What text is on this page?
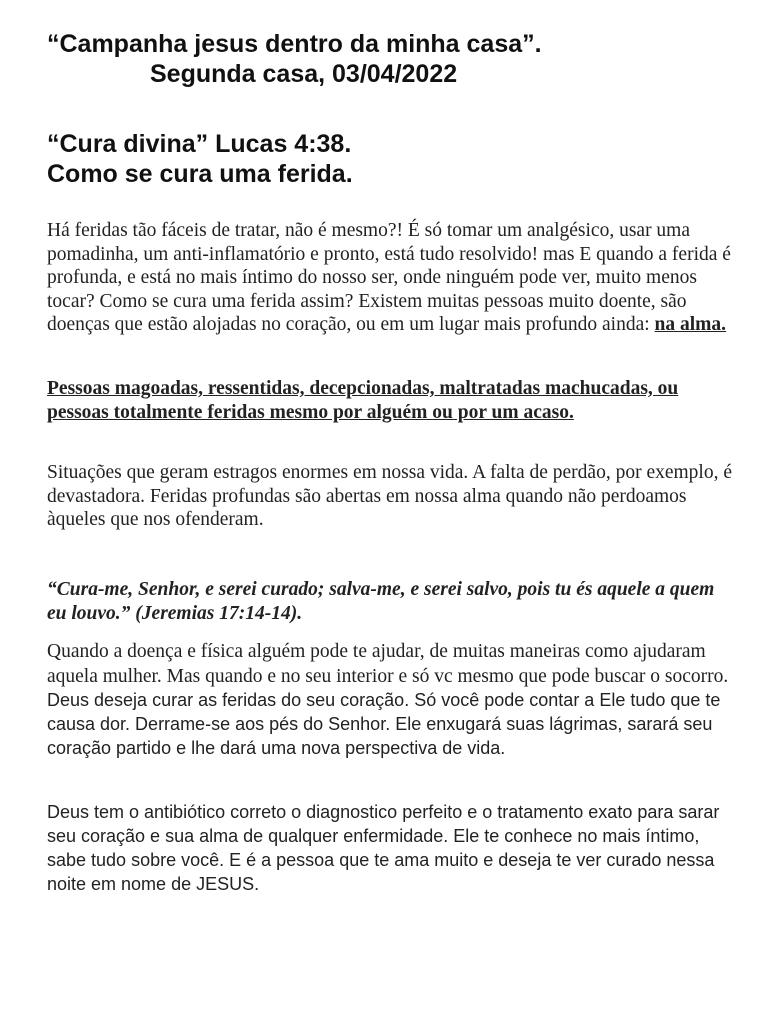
“Campanha jesus dentro da minha casa”.
Segunda casa, 03/04/2022
“Cura divina” Lucas 4:38.
Como se cura uma ferida.

Há feridas tão fáceis de tratar, não é mesmo?! É só tomar um analgésico, usar uma pomadinha, um anti-inflamatório e pronto, está tudo resolvido! mas E quando a ferida é profunda, e está no mais íntimo do nosso ser, onde ninguém pode ver, muito menos tocar? Como se cura uma ferida assim? Existem muitas pessoas muito doente, são doenças que estão alojadas no coração, ou em um lugar mais profundo ainda: na alma.

Pessoas magoadas, ressentidas, decepcionadas, maltratadas machucadas, ou pessoas totalmente feridas mesmo por alguém ou por um acaso.

Situações que geram estragos enormes em nossa vida. A falta de perdão, por exemplo, é devastadora. Feridas profundas são abertas em nossa alma quando não perdoamos àqueles que nos ofenderam.

“Cura-me, Senhor, e serei curado; salva-me, e serei salvo, pois tu és aquele a quem eu louvo.” (Jeremias 17:14-14).

Quando a doença e física alguém pode te ajudar, de muitas maneiras como ajudaram aquela mulher. Mas quando e no seu interior e só vc mesmo que pode buscar o socorro. Deus deseja curar as feridas do seu coração. Só você pode contar a Ele tudo que te causa dor. Derrame-se aos pés do Senhor. Ele enxugará suas lágrimas, sarará seu coração partido e lhe dará uma nova perspectiva de vida.

Deus tem o antibiótico correto o diagnostico perfeito e o tratamento exato para sarar seu coração e sua alma de qualquer enfermidade. Ele te conhece no mais íntimo, sabe tudo sobre você. E é a pessoa que te ama muito e deseja te ver curado nessa noite em nome de JESUS.
